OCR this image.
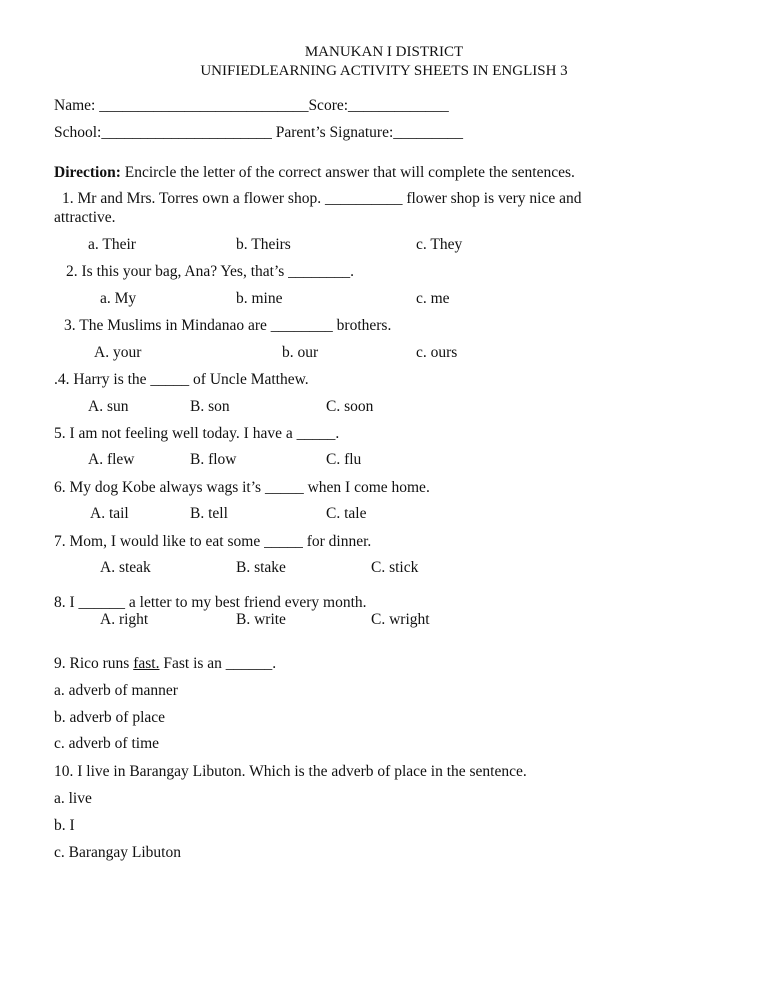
MANUKAN I DISTRICT
UNIFIEDLEARNING ACTIVITY SHEETS IN ENGLISH 3
Name: ___________________________Score:_____________
School:______________________ Parent’s Signature:_________
Direction: Encircle the letter of the correct answer that will complete the sentences.
1. Mr and Mrs. Torres own a flower shop. __________ flower shop is very nice and
attractive.
a. Their	b. Theirs	c. They
2. Is this your bag, Ana? Yes, that’s ________.
a. My	b. mine	c. me
3. The Muslims in Mindanao are ________ brothers.
A. your	b. our	c. ours
.4. Harry is the _____ of Uncle Matthew.
A. sun	B. son	C. soon
5. I am not feeling well today. I have a _____.
A. flew	B. flow	C. flu
6. My dog Kobe always wags it’s _____ when I come home.
A. tail	B. tell	C. tale
7. Mom, I would like to eat some _____ for dinner.
A. steak	B. stake	C. stick
8. I ______ a letter to my best friend every month.
A. right	B. write	C. wright
9. Rico runs fast. Fast is an ______.
a. adverb of manner
b. adverb of place
c. adverb of time
10. I live in Barangay Libuton. Which is the adverb of place in the sentence.
a. live
b. I
c. Barangay Libuton
